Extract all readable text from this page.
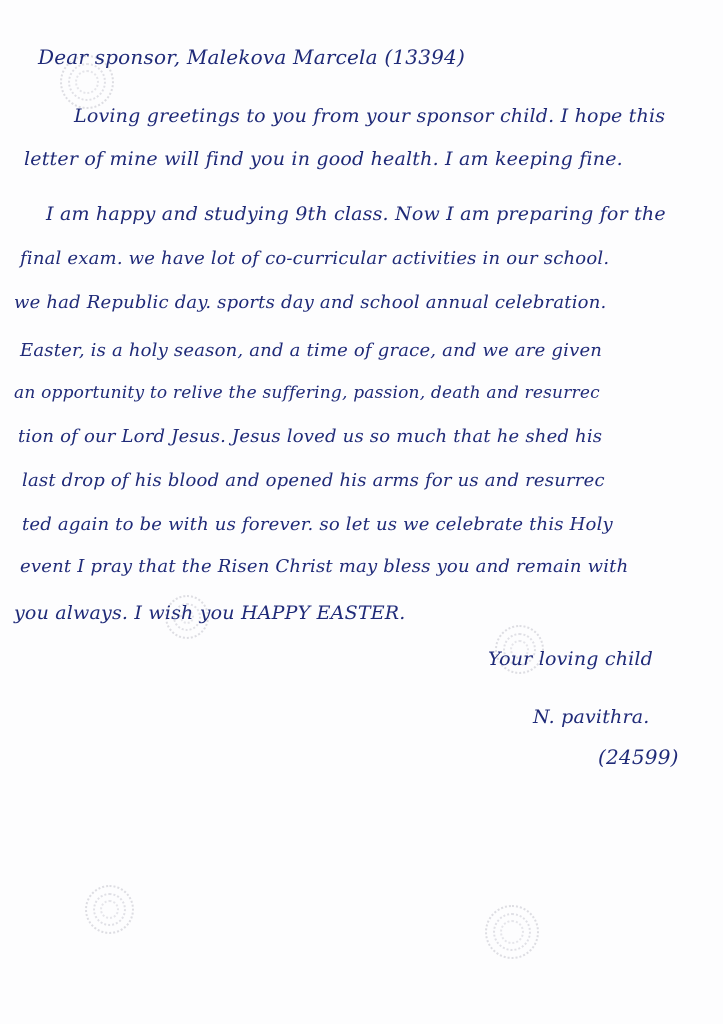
Dear sponsor, Malekova Marcela (13394)
Loving greetings to you from your sponsor child. I hope this
letter of mine will find you in good health. I am keeping fine.
I am happy and studying 9th class. Now I am preparing for the
final exam. we have lot of co-curricular activities in our school.
we had Republic day. sports day and school annual celebration.
Easter, is a holy season, and a time of grace, and we are given
an opportunity to relive the suffering, passion, death and resurrec
tion of our Lord Jesus. Jesus loved us so much that he shed his
last drop of his blood and opened his arms for us and resurrec
ted again to be with us forever. so let us we celebrate this Holy
event I pray that the Risen Christ may bless you and remain with
you always. I wish you HAPPY EASTER.
Your loving child
N. pavithra.
(24599)
